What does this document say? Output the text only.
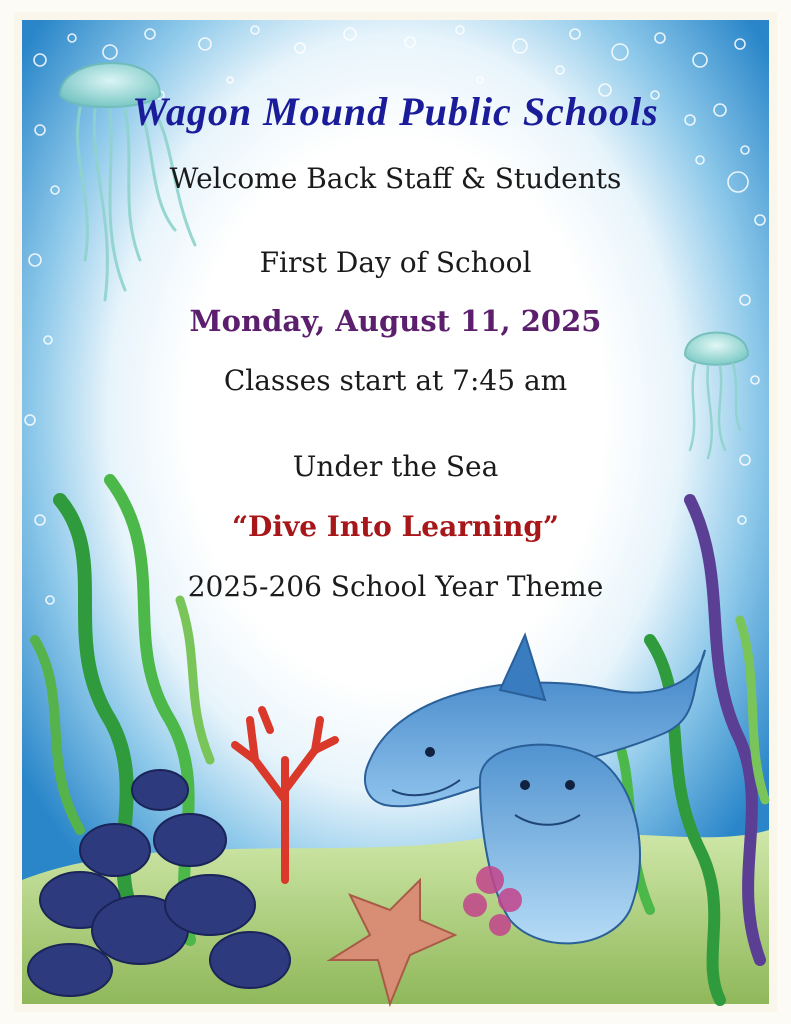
Wagon Mound Public Schools
Welcome Back Staff & Students
First Day of School
Monday, August 11, 2025
Classes start at 7:45 am
Under the Sea
“Dive Into Learning”
2025-206 School Year Theme
